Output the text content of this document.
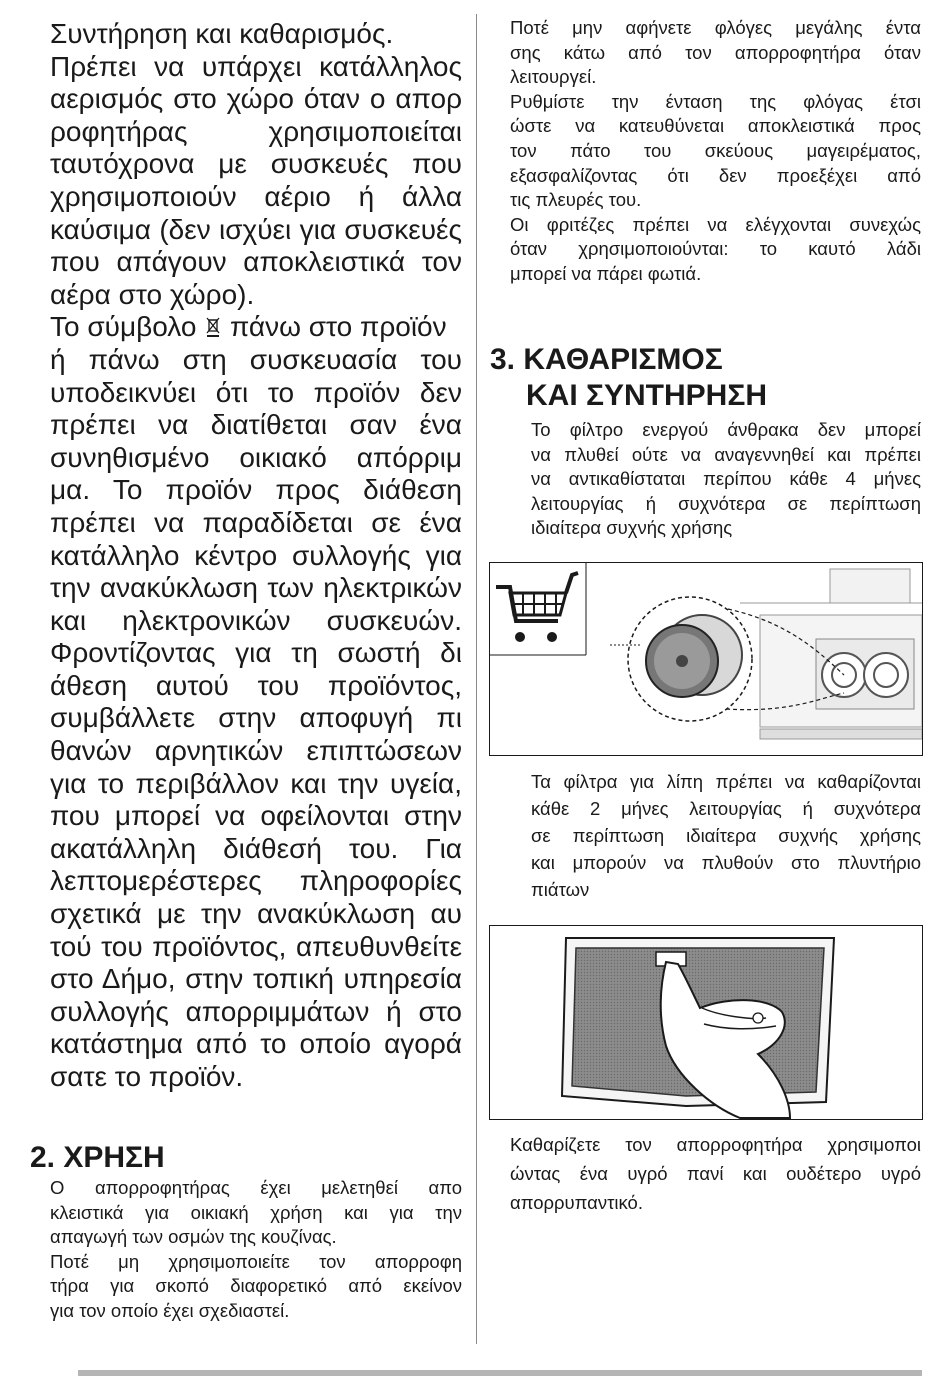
Συντήρηση και καθαρισμός.
Πρέπει να υπάρχει κατάλληλος
αερισμός στο χώρο όταν ο απορ
ροφητήρας χρησιμοποιείται
ταυτόχρονα με συσκευές που
χρησιμοποιούν αέριο ή άλλα
καύσιμα (δεν ισχύει για συσκευές
που απάγουν αποκλειστικά τον
αέρα στο χώρο).

Το σύμβολο πάνω στο προϊόν
ή πάνω στη συσκευασία του
υποδεικνύει ότι το προϊόν δεν
πρέπει να διατίθεται σαν ένα
συνηθισμένο οικιακό απόρριμ
μα. Το προϊόν προς διάθεση
πρέπει να παραδίδεται σε ένα
κατάλληλο κέντρο συλλογής για
την ανακύκλωση των ηλεκτρικών
και ηλεκτρονικών συσκευών.
Φροντίζοντας για τη σωστή δι
άθεση αυτού του προϊόντος,
συμβάλλετε στην αποφυγή πι
θανών αρνητικών επιπτώσεων
για το περιβάλλον και την υγεία,
που μπορεί να οφείλονται στην
ακατάλληλη διάθεσή του. Για
λεπτομερέστερες πληροφορίες
σχετικά με την ανακύκλωση αυ
τού του προϊόντος, απευθυνθείτε
στο Δήμο, στην τοπική υπηρεσία
συλλογής απορριμμάτων ή στο
κατάστημα από το οποίο αγορά
σατε το προϊόν.

2. ΧΡΗΣΗ

Ο απορροφητήρας έχει μελετηθεί απο
κλειστικά για οικιακή χρήση και για την
απαγωγή των οσμών της κουζίνας.
Ποτέ μη χρησιμοποιείτε τον απορροφη
τήρα για σκοπό διαφορετικό από εκείνον
για τον οποίο έχει σχεδιαστεί.

Ποτέ μην αφήνετε φλόγες μεγάλης έντα
σης κάτω από τον απορροφητήρα όταν
λειτουργεί.
Ρυθμίστε την ένταση της φλόγας έτσι
ώστε να κατευθύνεται αποκλειστικά προς
τον πάτο του σκεύους μαγειρέματος,
εξασφαλίζοντας ότι δεν προεξέχει από
τις πλευρές του.
Οι φριτέζες πρέπει να ελέγχονται συνεχώς
όταν χρησιμοποιούνται: το καυτό λάδι
μπορεί να πάρει φωτιά.

3. ΚΑΘΑΡΙΣΜΟΣ
ΚΑΙ ΣΥΝΤΗΡΗΣΗ

Το φίλτρο ενεργού άνθρακα δεν μπορεί
να πλυθεί ούτε να αναγεννηθεί και πρέπει
να αντικαθίσταται περίπου κάθε 4 μήνες
λειτουργίας ή συχνότερα σε περίπτωση
ιδιαίτερα συχνής χρήσης

Τα φίλτρα για λίπη πρέπει να καθαρίζονται
κάθε 2 μήνες λειτουργίας ή συχνότερα
σε περίπτωση ιδιαίτερα συχνής χρήσης
και μπορούν να πλυθούν στο πλυντήριο
πιάτων

Καθαρίζετε τον απορροφητήρα χρησιμοποι
ώντας ένα υγρό πανί και ουδέτερο υγρό
απορρυπαντικό.
